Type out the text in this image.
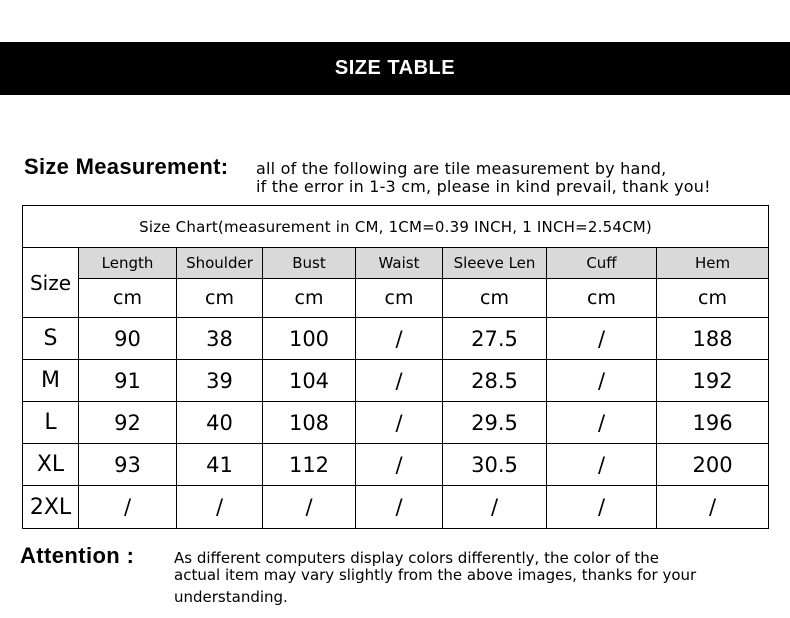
SIZE TABLE
Size Measurement: all of the following are tile measurement by hand,
if the error in 1-3 cm, please in kind prevail, thank you!
Size Chart(measurement in CM, 1CM=0.39 INCH, 1 INCH=2.54CM)							
Size	Length	Shoulder	Bust	Waist	Sleeve Len	Cuff	Hem
	cm	cm	cm	cm	cm	cm	cm
S	90	38	100	/	27.5	/	188
M	91	39	104	/	28.5	/	192
L	92	40	108	/	29.5	/	196
XL	93	41	112	/	30.5	/	200
2XL	/	/	/	/	/	/	/
Attention :	As different computers display colors differently, the color of the
actual item may vary slightly from the above images, thanks for your
understanding.
